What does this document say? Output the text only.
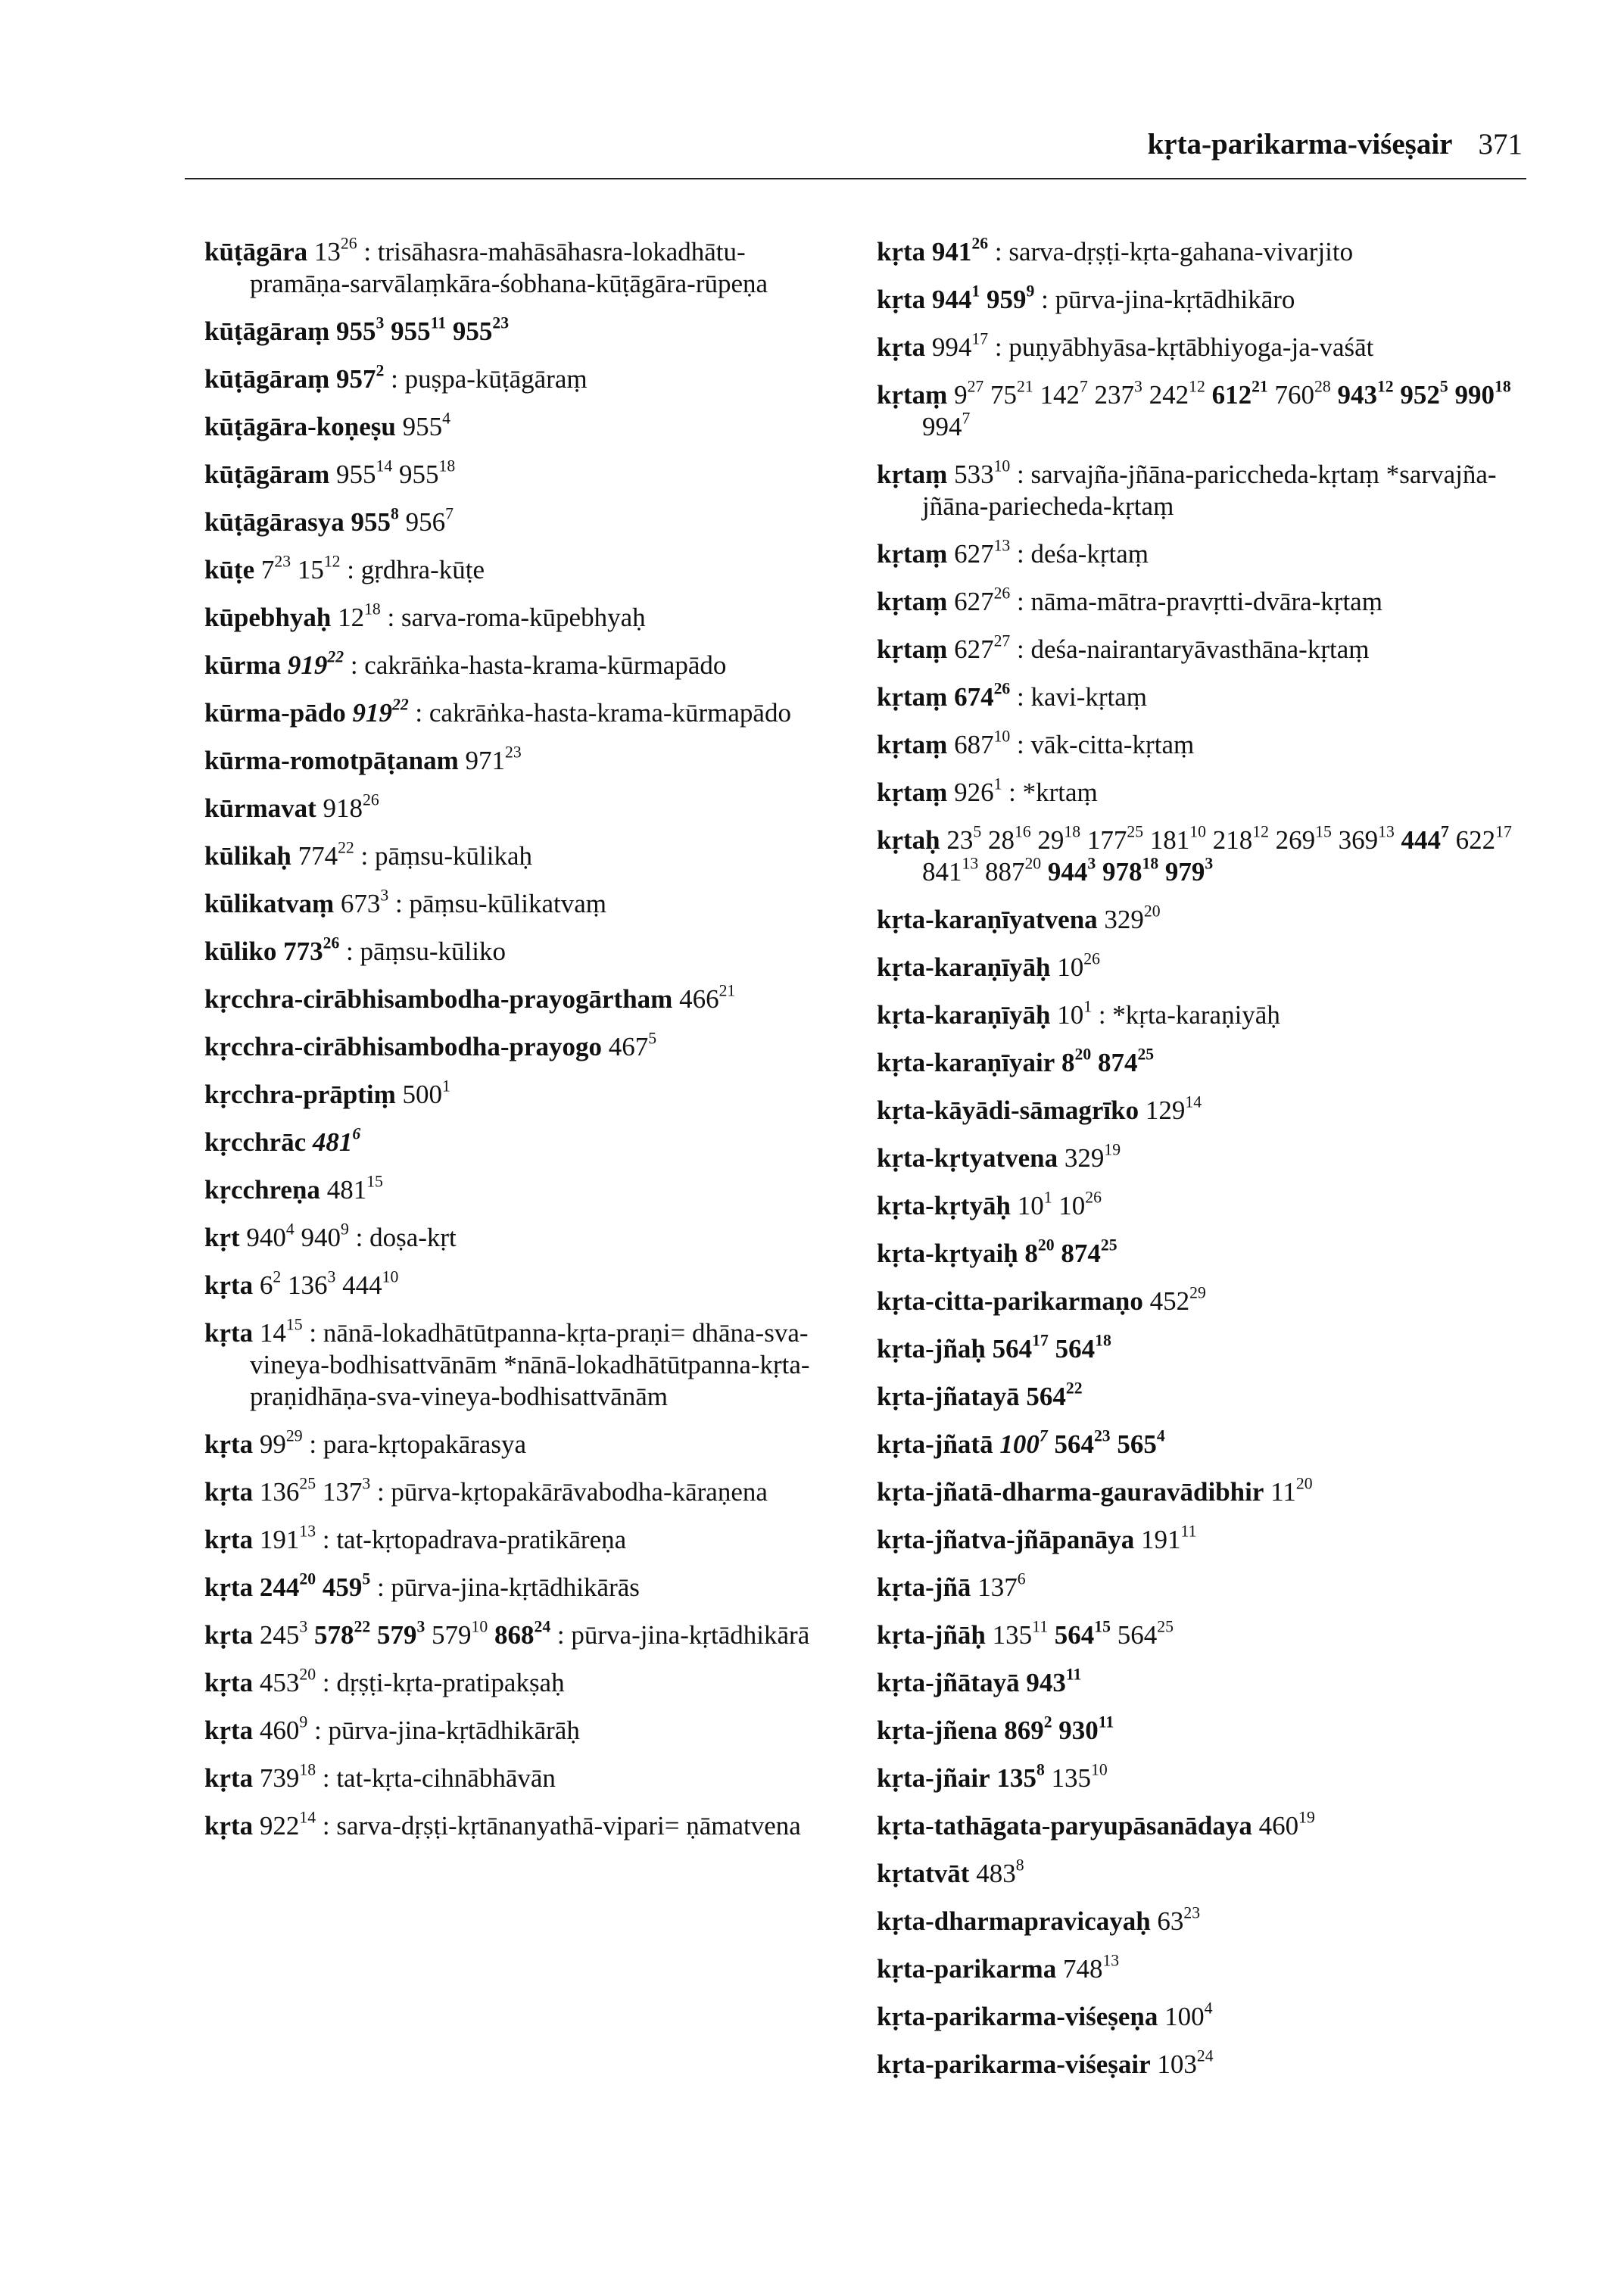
kṛta-parikarma-viśeṣair 371
kūṭāgāra $13^{26}$ : trisāhasra-mahāsāhasra-lokadhātu-pramāṇa-sarvālaṃkāra-śobhana-kūṭāgāra-rūpeṇa
kūṭāgāraṃ $955^3$ $955^{11}$ $955^{23}$
kūṭāgāraṃ $957^2$ : puṣpa-kūṭāgāraṃ
kūṭāgāra-koṇeṣu $955^4$
kūṭāgāram $955^{14}$ $955^{18}$
kūṭāgārasya $955^8$ $956^7$
kūṭe $7^{23}$ $15^{12}$ : gṛdhra-kūṭe
kūpebhyaḥ $12^{18}$ : sarva-roma-kūpebhyaḥ
kūrma $919^{22}$ : cakrāṅka-hasta-krama-kūrmapādo
kūrma-pādo $919^{22}$ : cakrāṅka-hasta-krama-kūrmapādo
kūrma-romotpāṭanam $971^{23}$
kūrmavat $918^{26}$
kūlikaḥ $774^{22}$ : pāṃsu-kūlikaḥ
kūlikatvaṃ $673^3$ : pāṃsu-kūlikatvaṃ
kūliko $773^{26}$ : pāṃsu-kūliko
kṛcchra-cirābhisambodha-prayogārtham $466^{21}$
kṛcchra-cirābhisambodha-prayogo $467^5$
kṛcchra-prāptiṃ $500^1$
kṛcchrāc $481^6$
kṛcchreṇa $481^{15}$
kṛt $940^4$ $940^9$ : doṣa-kṛt
kṛta $6^2$ $136^3$ $444^{10}$
kṛta $14^{15}$ : nānā-lokadhātūtpanna-kṛta-praṇi= dhāna-sva-vineya-bodhisattvānām *nānā-lokadhātūtpanna-kṛta-praṇidhāṇa-sva-vineya-bodhisattvānām
kṛta $99^{29}$ : para-kṛtopakārasya
kṛta $136^{25}$ $137^3$ : pūrva-kṛtopakārāvabodha-kāraṇena
kṛta $191^{13}$ : tat-kṛtopadrava-pratikāreṇa
kṛta $244^{20}$ $459^5$ : pūrva-jina-kṛtādhikārās
kṛta $245^3$ $578^{22}$ $579^3$ $579^{10}$ $868^{24}$ : pūrva-jina-kṛtādhikārā
kṛta $453^{20}$ : dṛṣṭi-kṛta-pratipakṣaḥ
kṛta $460^9$ : pūrva-jina-kṛtādhikārāḥ
kṛta $739^{18}$ : tat-kṛta-cihnābhāvān
kṛta $922^{14}$ : sarva-dṛṣṭi-kṛtānanyathā-vipari= ṇāmatvena
kṛta $941^{26}$ : sarva-dṛṣṭi-kṛta-gahana-vivarjito
kṛta $944^1$ $959^9$ : pūrva-jina-kṛtādhikāro
kṛta $994^{17}$ : puṇyābhyāsa-kṛtābhiyoga-ja-vaśāt
kṛtaṃ $9^{27}$ $75^{21}$ $142^7$ $237^3$ $242^{12}$ $612^{21}$ $760^{28}$ $943^{12}$ $952^5$ $990^{18}$ $994^7$
kṛtaṃ $533^{10}$ : sarvajña-jñāna-pariccheda-kṛtaṃ *sarvajña-jñāna-pariecheda-kṛtaṃ
kṛtaṃ $627^{13}$ : deśa-kṛtaṃ
kṛtaṃ $627^{26}$ : nāma-mātra-pravṛtti-dvāra-kṛtaṃ
kṛtaṃ $627^{27}$ : deśa-nairantaryāvasthāna-kṛtaṃ
kṛtaṃ $674^{26}$ : kavi-kṛtaṃ
kṛtaṃ $687^{10}$ : vāk-citta-kṛtaṃ
kṛtaṃ $926^1$ : *krtaṃ
kṛtaḥ $23^5$ $28^{16}$ $29^{18}$ $177^{25}$ $181^{10}$ $218^{12}$ $269^{15}$ $369^{13}$ $444^7$ $622^{17}$ $841^{13}$ $887^{20}$ $944^3$ $978^{18}$ $979^3$
kṛta-karaṇīyatvena $329^{20}$
kṛta-karaṇīyāḥ $10^{26}$
kṛta-karaṇīyāḥ $10^1$ : *kṛta-karaṇiyāḥ
kṛta-karaṇīyair $8^{20}$ $874^{25}$
kṛta-kāyādi-sāmagrīko $129^{14}$
kṛta-kṛtyatvena $329^{19}$
kṛta-kṛtyāḥ $10^1$ $10^{26}$
kṛta-kṛtyaiḥ $8^{20}$ $874^{25}$
kṛta-citta-parikarmaṇo $452^{29}$
kṛta-jñaḥ $564^{17}$ $564^{18}$
kṛta-jñatayā $564^{22}$
kṛta-jñatā $100^7$ $564^{23}$ $565^4$
kṛta-jñatā-dharma-gauravādibhir $11^{20}$
kṛta-jñatva-jñāpanāya $191^{11}$
kṛta-jñā $137^6$
kṛta-jñāḥ $135^{11}$ $564^{15}$ $564^{25}$
kṛta-jñātayā $943^{11}$
kṛta-jñena $869^2$ $930^{11}$
kṛta-jñair $135^8$ $135^{10}$
kṛta-tathāgata-paryupāsanādaya $460^{19}$
kṛtatvāt $483^8$
kṛta-dharmapravicayaḥ $63^{23}$
kṛta-parikarma $748^{13}$
kṛta-parikarma-viśeṣeṇa $100^4$
kṛta-parikarma-viśeṣair $103^{24}$
